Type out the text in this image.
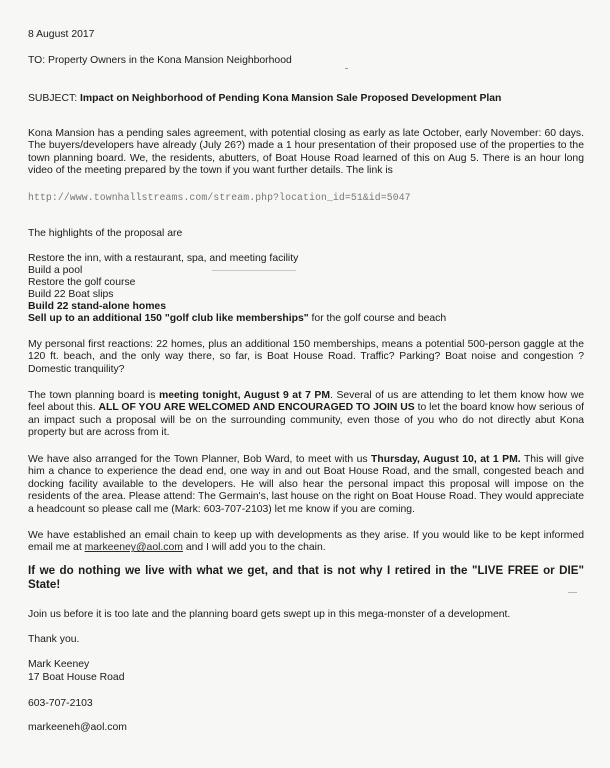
8 August 2017
TO: Property Owners in the Kona Mansion Neighborhood
SUBJECT: Impact on Neighborhood of Pending Kona Mansion Sale Proposed Development Plan
Kona Mansion has a pending sales agreement, with potential closing as early as late October, early November: 60 days. The buyers/developers have already (July 26?) made a 1 hour presentation of their proposed use of the properties to the town planning board. We, the residents, abutters, of Boat House Road learned of this on Aug 5. There is an hour long video of the meeting prepared by the town if you want further details. The link is
http://www.townhallstreams.com/stream.php?location_id=51&id=5047
The highlights of the proposal are
Restore the inn, with a restaurant, spa, and meeting facility
Build a pool
Restore the golf course
Build 22 Boat slips
Build 22 stand-alone homes
Sell up to an additional 150 "golf club like memberships" for the golf course and beach
My personal first reactions: 22 homes, plus an additional 150 memberships, means a potential 500-person gaggle at the 120 ft. beach, and the only way there, so far, is Boat House Road. Traffic? Parking? Boat noise and congestion ? Domestic tranquility?
The town planning board is meeting tonight, August 9 at 7 PM. Several of us are attending to let them know how we feel about this. ALL OF YOU ARE WELCOMED AND ENCOURAGED TO JOIN US to let the board know how serious of an impact such a proposal will be on the surrounding community, even those of you who do not directly abut Kona property but are across from it.
We have also arranged for the Town Planner, Bob Ward, to meet with us Thursday, August 10, at 1 PM. This will give him a chance to experience the dead end, one way in and out Boat House Road, and the small, congested beach and docking facility available to the developers. He will also hear the personal impact this proposal will impose on the residents of the area. Please attend: The Germain's, last house on the right on Boat House Road. They would appreciate a headcount so please call me (Mark: 603-707-2103) let me know if you are coming.
We have established an email chain to keep up with developments as they arise. If you would like to be kept informed email me at markeeney@aol.com and I will add you to the chain.
If we do nothing we live with what we get, and that is not why I retired in the "LIVE FREE or DIE" State!
Join us before it is too late and the planning board gets swept up in this mega-monster of a development.
Thank you.
Mark Keeney
17 Boat House Road
603-707-2103
markeeneh@aol.com
